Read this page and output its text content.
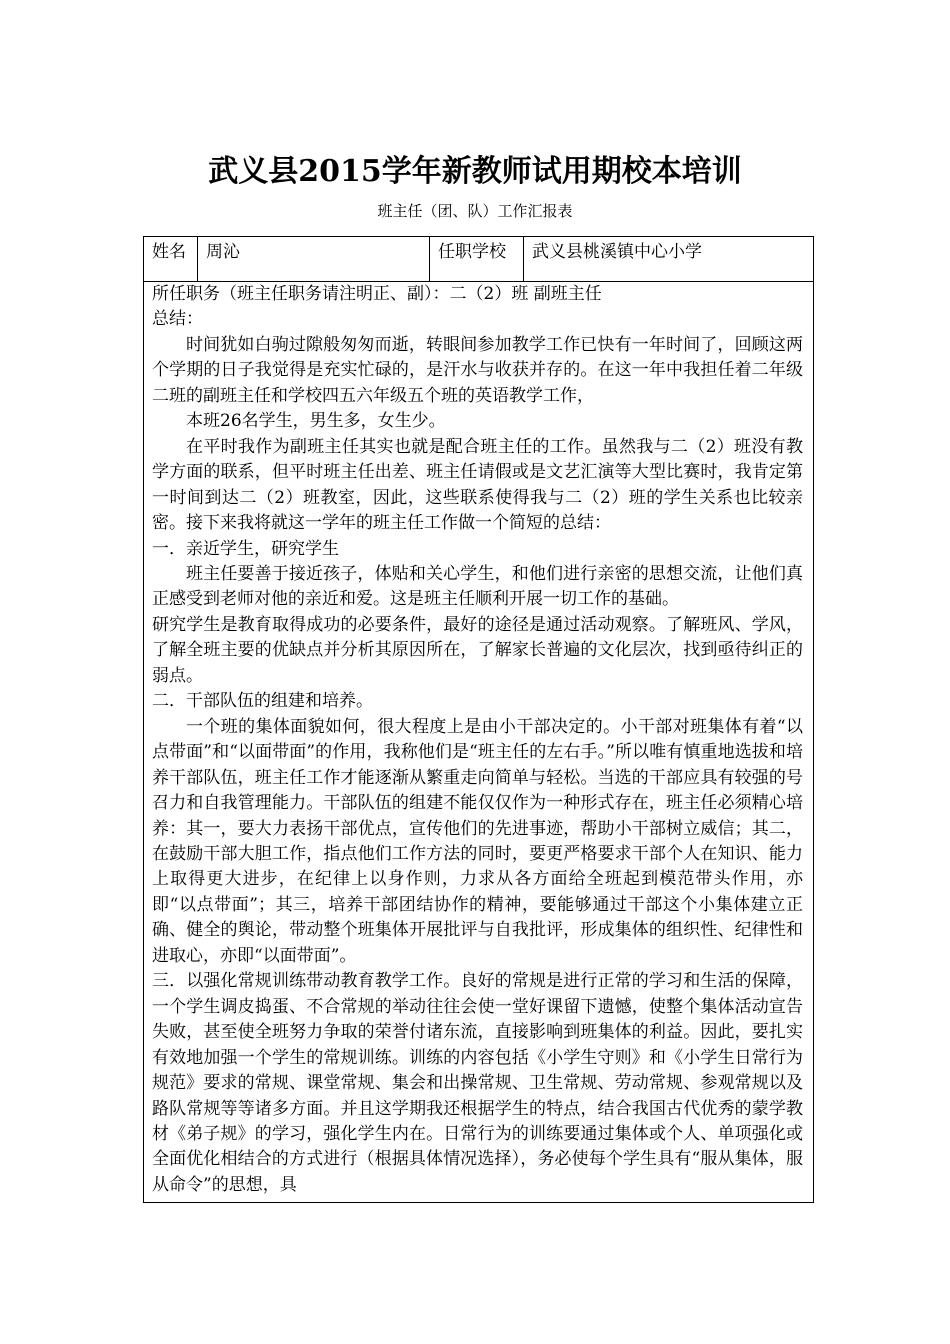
武义县2015学年新教师试用期校本培训
班主任（团、队）工作汇报表
姓名	周沁	任职学校	武义县桃溪镇中心小学

所任职务（班主任职务请注明正、副）：二（2）班 副班主任

总结：

时间犹如白驹过隙般匆匆而逝，转眼间参加教学工作已快有一年时间了，回顾这两个学期的日子我觉得是充实忙碌的，是汗水与收获并存的。在这一年中我担任着二年级二班的副班主任和学校四五六年级五个班的英语教学工作，

本班26名学生，男生多，女生少。

在平时我作为副班主任其实也就是配合班主任的工作。虽然我与二（2）班没有教学方面的联系，但平时班主任出差、班主任请假或是文艺汇演等大型比赛时，我肯定第一时间到达二（2）班教室，因此，这些联系使得我与二（2）班的学生关系也比较亲密。接下来我将就这一学年的班主任工作做一个简短的总结：

一．亲近学生，研究学生

班主任要善于接近孩子，体贴和关心学生，和他们进行亲密的思想交流，让他们真正感受到老师对他的亲近和爱。这是班主任顺利开展一切工作的基础。

研究学生是教育取得成功的必要条件，最好的途径是通过活动观察。了解班风、学风，了解全班主要的优缺点并分析其原因所在，了解家长普遍的文化层次，找到亟待纠正的弱点。

二．干部队伍的组建和培养。

一个班的集体面貌如何，很大程度上是由小干部决定的。小干部对班集体有着“以点带面”和“以面带面”的作用，我称他们是“班主任的左右手。”所以唯有慎重地选拔和培养干部队伍，班主任工作才能逐渐从繁重走向简单与轻松。当选的干部应具有较强的号召力和自我管理能力。干部队伍的组建不能仅仅作为一种形式存在，班主任必须精心培养：其一，要大力表扬干部优点，宣传他们的先进事迹，帮助小干部树立威信；其二，在鼓励干部大胆工作，指点他们工作方法的同时，要更严格要求干部个人在知识、能力上取得更大进步，在纪律上以身作则，力求从各方面给全班起到模范带头作用，亦即“以点带面”；其三，培养干部团结协作的精神，要能够通过干部这个小集体建立正确、健全的舆论，带动整个班集体开展批评与自我批评，形成集体的组织性、纪律性和进取心，亦即“以面带面”。

三．以强化常规训练带动教育教学工作。良好的常规是进行正常的学习和生活的保障，一个学生调皮捣蛋、不合常规的举动往往会使一堂好课留下遗憾，使整个集体活动宣告失败，甚至使全班努力争取的荣誉付诸东流，直接影响到班集体的利益。因此，要扎实有效地加强一个学生的常规训练。训练的内容包括《小学生守则》和《小学生日常行为规范》要求的常规、课堂常规、集会和出操常规、卫生常规、劳动常规、参观常规以及路队常规等等诸多方面。并且这学期我还根据学生的特点，结合我国古代优秀的蒙学教材《弟子规》的学习，强化学生内在。日常行为的训练要通过集体或个人、单项强化或全面优化相结合的方式进行（根据具体情况选择），务必使每个学生具有“服从集体，服从命令”的思想，具
